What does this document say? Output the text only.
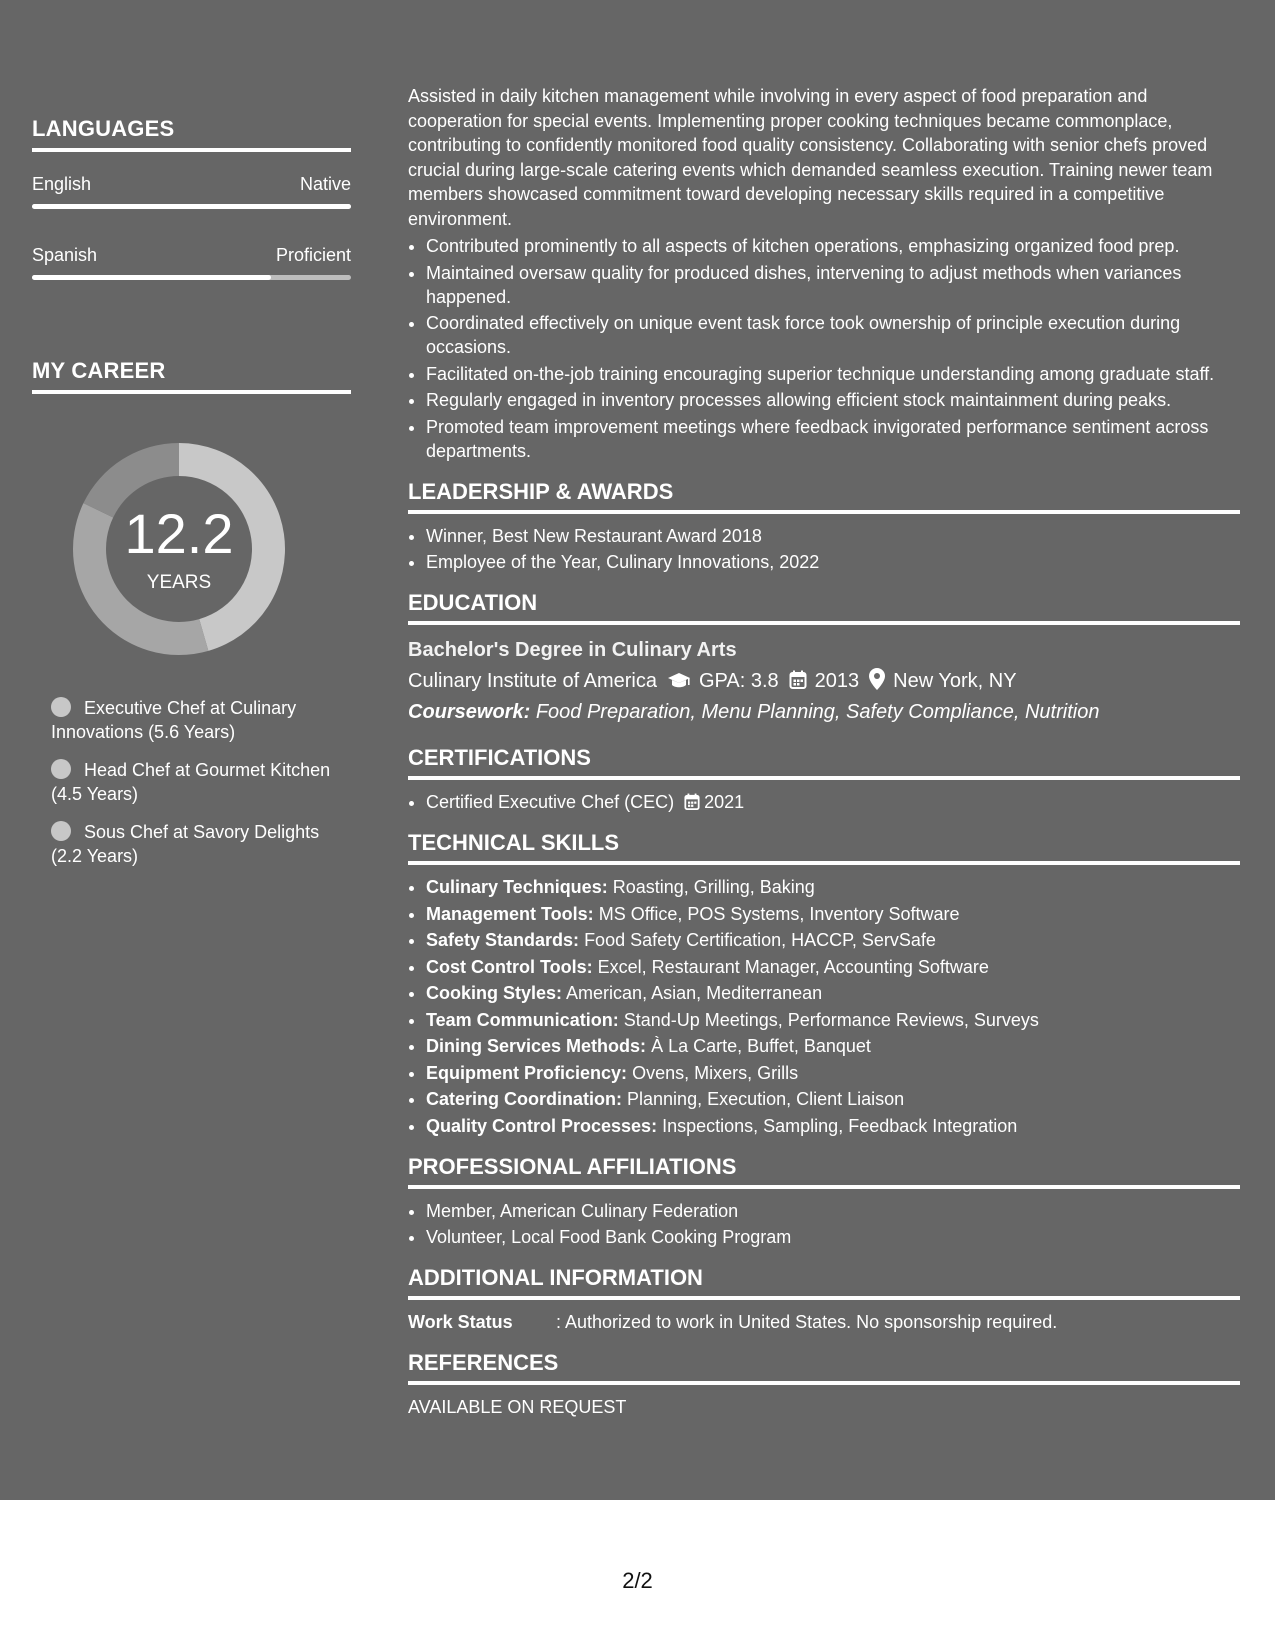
LANGUAGES
English	Native
Spanish	Proficient
MY CAREER
12.2
YEARS
Executive Chef at Culinary Innovations (5.6 Years)
Head Chef at Gourmet Kitchen (4.5 Years)
Sous Chef at Savory Delights (2.2 Years)
Assisted in daily kitchen management while involving in every aspect of food preparation and cooperation for special events. Implementing proper cooking techniques became commonplace, contributing to confidently monitored food quality consistency. Collaborating with senior chefs proved crucial during large-scale catering events which demanded seamless execution. Training newer team members showcased commitment toward developing necessary skills required in a competitive environment.
• Contributed prominently to all aspects of kitchen operations, emphasizing organized food prep.
• Maintained oversaw quality for produced dishes, intervening to adjust methods when variances happened.
• Coordinated effectively on unique event task force took ownership of principle execution during occasions.
• Facilitated on-the-job training encouraging superior technique understanding among graduate staff.
• Regularly engaged in inventory processes allowing efficient stock maintainment during peaks.
• Promoted team improvement meetings where feedback invigorated performance sentiment across departments.
LEADERSHIP & AWARDS
• Winner, Best New Restaurant Award 2018
• Employee of the Year, Culinary Innovations, 2022
EDUCATION
Bachelor's Degree in Culinary Arts
Culinary Institute of America GPA: 3.8 2013 New York, NY
Coursework: Food Preparation, Menu Planning, Safety Compliance, Nutrition
CERTIFICATIONS
• Certified Executive Chef (CEC) 2021
TECHNICAL SKILLS
• Culinary Techniques: Roasting, Grilling, Baking
• Management Tools: MS Office, POS Systems, Inventory Software
• Safety Standards: Food Safety Certification, HACCP, ServSafe
• Cost Control Tools: Excel, Restaurant Manager, Accounting Software
• Cooking Styles: American, Asian, Mediterranean
• Team Communication: Stand-Up Meetings, Performance Reviews, Surveys
• Dining Services Methods: À La Carte, Buffet, Banquet
• Equipment Proficiency: Ovens, Mixers, Grills
• Catering Coordination: Planning, Execution, Client Liaison
• Quality Control Processes: Inspections, Sampling, Feedback Integration
PROFESSIONAL AFFILIATIONS
• Member, American Culinary Federation
• Volunteer, Local Food Bank Cooking Program
ADDITIONAL INFORMATION
Work Status	: Authorized to work in United States. No sponsorship required.
REFERENCES
AVAILABLE ON REQUEST
2/2
